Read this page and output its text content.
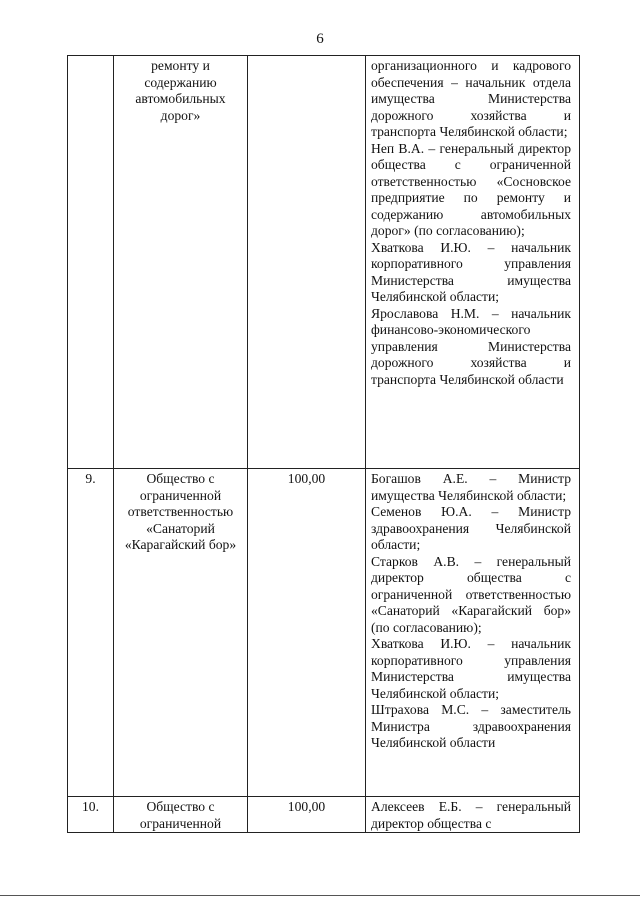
6
	ремонту и содержанию автомобильных дорог»		организационного и кадрового обеспечения – начальник отдела имущества Министерства дорожного хозяйства и транспорта Челябинской области;
Неп В.А. – генеральный директор общества с ограниченной ответственностью «Сосновское предприятие по ремонту и содержанию автомобильных дорог» (по согласованию);
Хваткова И.Ю. – начальник корпоративного управления Министерства имущества Челябинской области;
Ярославова Н.М. – начальник финансово-экономического управления Министерства дорожного хозяйства и транспорта Челябинской области

9.	Общество с ограниченной ответственностью «Санаторий «Карагайский бор»	100,00	Богашов А.Е. – Министр имущества Челябинской области;
Семенов Ю.А. – Министр здравоохранения Челябинской области;
Старков А.В. – генеральный директор общества с ограниченной ответственностью «Санаторий «Карагайский бор» (по согласованию);
Хваткова И.Ю. – начальник корпоративного управления Министерства имущества Челябинской области;
Штрахова М.С. – заместитель Министра здравоохранения Челябинской области

10.	Общество с ограниченной	100,00	Алексеев Е.Б. – генеральный директор общества с
